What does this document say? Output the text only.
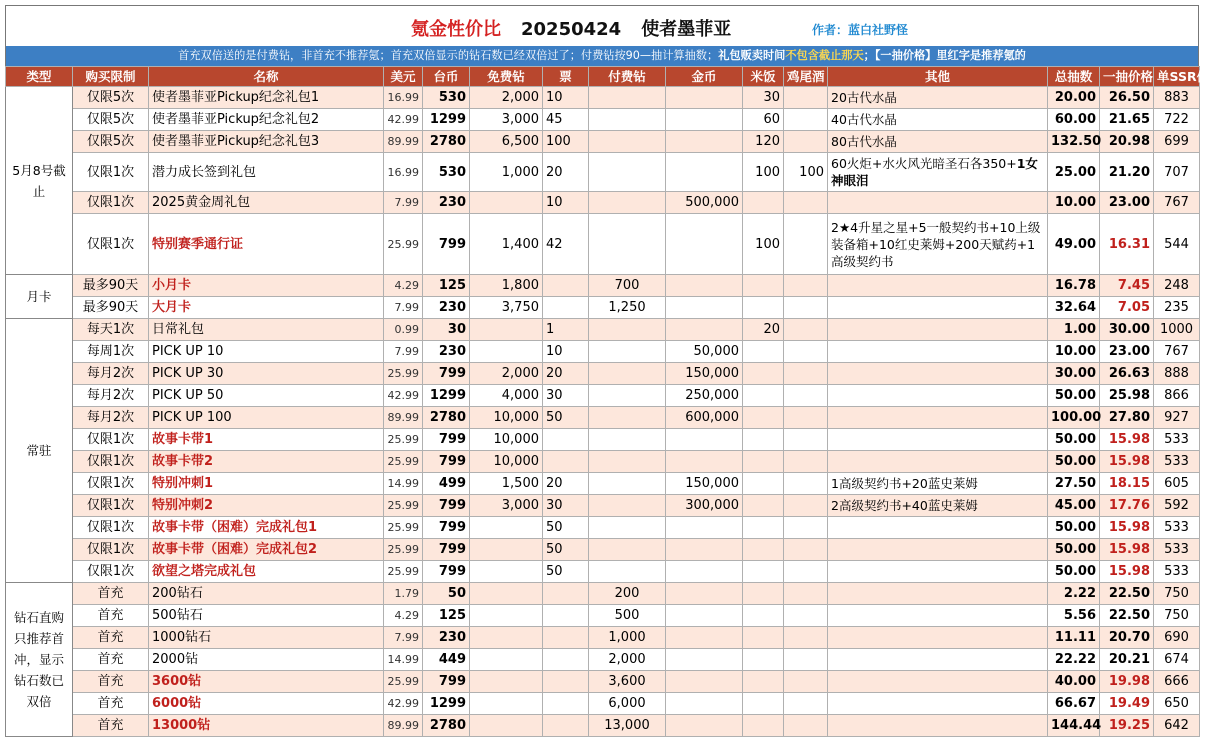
氪金性价比 20250424 使者墨菲亚	作者：蓝白社野怪
首充双倍送的是付费钻，非首充不推荐氪；首充双倍显示的钻石数已经双倍过了；付费钻按90—抽计算抽数；礼包贩卖时间不包含截止那天；【一抽价格】里红字是推荐氪的
类型	购买限制	名称	美元	台币	免费钻	票	付费钻	金币	米饭	鸡尾酒	其他	总抽数	一抽价格	单SSR价
5月8号截止	仅限5次	使者墨菲亚Pickup纪念礼包1	16.99	530	2,000	10			30		20古代水晶	20.00	26.50	883
	仅限5次	使者墨菲亚Pickup纪念礼包2	42.99	1299	3,000	45			60		40古代水晶	60.00	21.65	722
	仅限5次	使者墨菲亚Pickup纪念礼包3	89.99	2780	6,500	100			120		80古代水晶	132.50	20.98	699
	仅限1次	潜力成长签到礼包	16.99	530	1,000	20			100	100	60火炬+水火风光暗圣石各350+1女神眼泪	25.00	21.20	707
	仅限1次	2025黄金周礼包	7.99	230		10		500,000				10.00	23.00	767
	仅限1次	特别赛季通行证	25.99	799	1,400	42			100		2★4升星之星+5一般契约书+10上级装备箱+10红史莱姆+200天赋药+1高级契约书	49.00	16.31	544
月卡	最多90天	小月卡	4.29	125	1,800		700					16.78	7.45	248
	最多90天	大月卡	7.99	230	3,750		1,250					32.64	7.05	235
常驻	每天1次	日常礼包	0.99	30		1			20			1.00	30.00	1000
	每周1次	PICK UP 10	7.99	230		10		50,000				10.00	23.00	767
	每月2次	PICK UP 30	25.99	799	2,000	20		150,000				30.00	26.63	888
	每月2次	PICK UP 50	42.99	1299	4,000	30		250,000				50.00	25.98	866
	每月2次	PICK UP 100	89.99	2780	10,000	50		600,000				100.00	27.80	927
	仅限1次	故事卡带1	25.99	799	10,000							50.00	15.98	533
	仅限1次	故事卡带2	25.99	799	10,000							50.00	15.98	533
	仅限1次	特别冲刺1	14.99	499	1,500	20		150,000			1高级契约书+20蓝史莱姆	27.50	18.15	605
	仅限1次	特别冲刺2	25.99	799	3,000	30		300,000			2高级契约书+40蓝史莱姆	45.00	17.76	592
	仅限1次	故事卡带（困难）完成礼包1	25.99	799		50						50.00	15.98	533
	仅限1次	故事卡带（困难）完成礼包2	25.99	799		50						50.00	15.98	533
	仅限1次	欲望之塔完成礼包	25.99	799		50						50.00	15.98	533
钻石直购只推荐首冲，显示钻石数已双倍	首充	200钻石	1.79	50			200					2.22	22.50	750
	首充	500钻石	4.29	125			500					5.56	22.50	750
	首充	1000钻石	7.99	230			1,000					11.11	20.70	690
	首充	2000钻	14.99	449			2,000					22.22	20.21	674
	首充	3600钻	25.99	799			3,600					40.00	19.98	666
	首充	6000钻	42.99	1299			6,000					66.67	19.49	650
	首充	13000钻	89.99	2780			13,000					144.44	19.25	642
